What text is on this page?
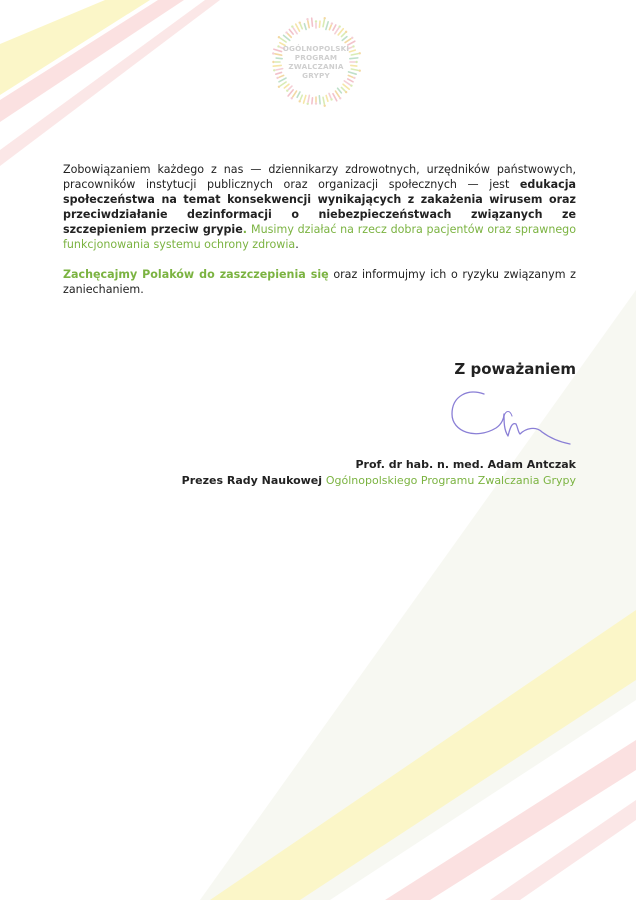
OGÓLNOPOLSKI
PROGRAM
ZWALCZANIA
GRYPY

Zobowiązaniem każdego z nas — dziennikarzy zdrowotnych, urzędników państwowych, pracowników instytucji publicznych oraz organizacji społecznych — jest edukacja społeczeństwa na temat konsekwencji wynikających z zakażenia wirusem oraz przeciwdziałanie dezinformacji o niebezpieczeństwach związanych ze szczepieniem przeciw grypie. Musimy działać na rzecz dobra pacjentów oraz sprawnego funkcjonowania systemu ochrony zdrowia.

Zachęcajmy Polaków do zaszczepienia się oraz informujmy ich o ryzyku związanym z zaniechaniem.

Z poważaniem
Prof. dr hab. n. med. Adam Antczak
Prezes Rady Naukowej Ogólnopolskiego Programu Zwalczania Grypy
